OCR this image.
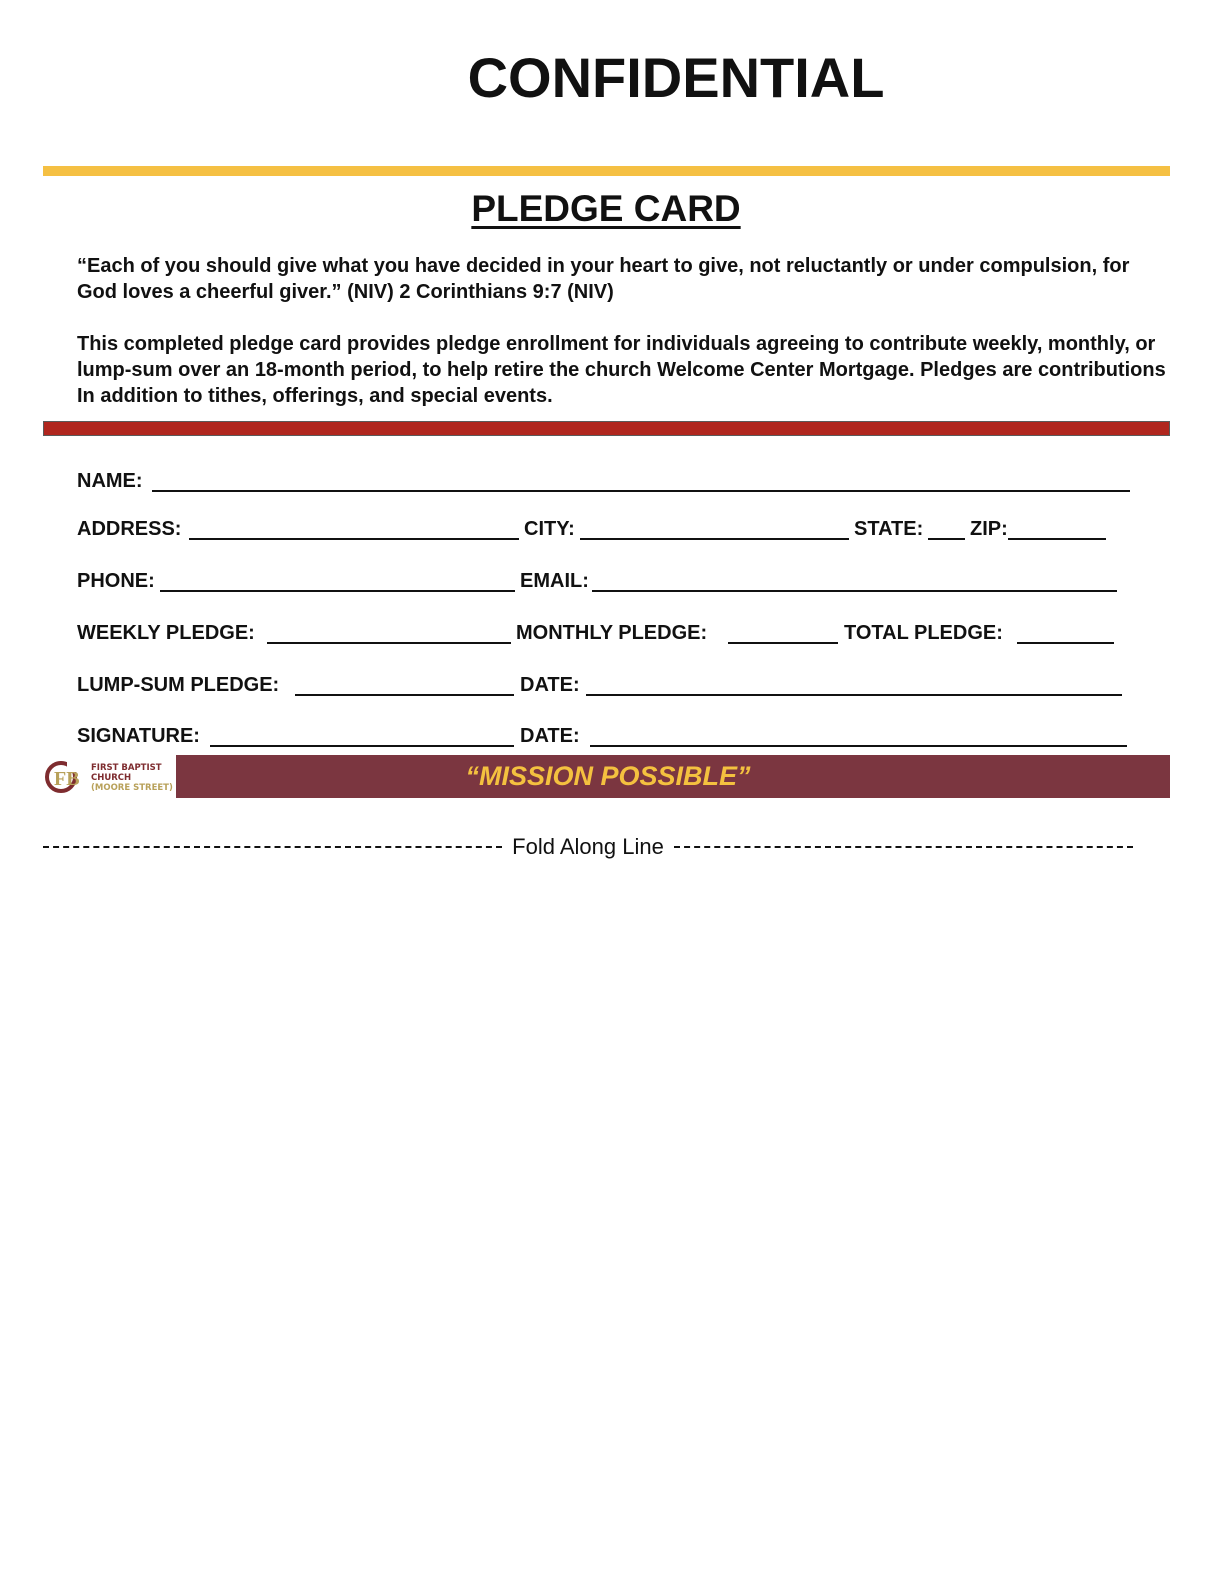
CONFIDENTIAL
PLEDGE CARD

“Each of you should give what you have decided in your heart to give, not reluctantly or under compulsion, for God loves a cheerful giver.” (NIV) 2 Corinthians 9:7 (NIV)

This completed pledge card provides pledge enrollment for individuals agreeing to contribute weekly, monthly, or lump-sum over an 18-month period, to help retire the church Welcome Center Mortgage. Pledges are contributions In addition to tithes, offerings, and special events.

NAME:
ADDRESS:	CITY:	STATE: ZIP:
PHONE:	EMAIL:
WEEKLY PLEDGE:	MONTHLY PLEDGE:	TOTAL PLEDGE:
LUMP-SUM PLEDGE:	DATE:
SIGNATURE:	DATE:
FB FIRST BAPTIST
CHURCH
(MOORE STREET)	“MISSION POSSIBLE”
Fold Along Line
